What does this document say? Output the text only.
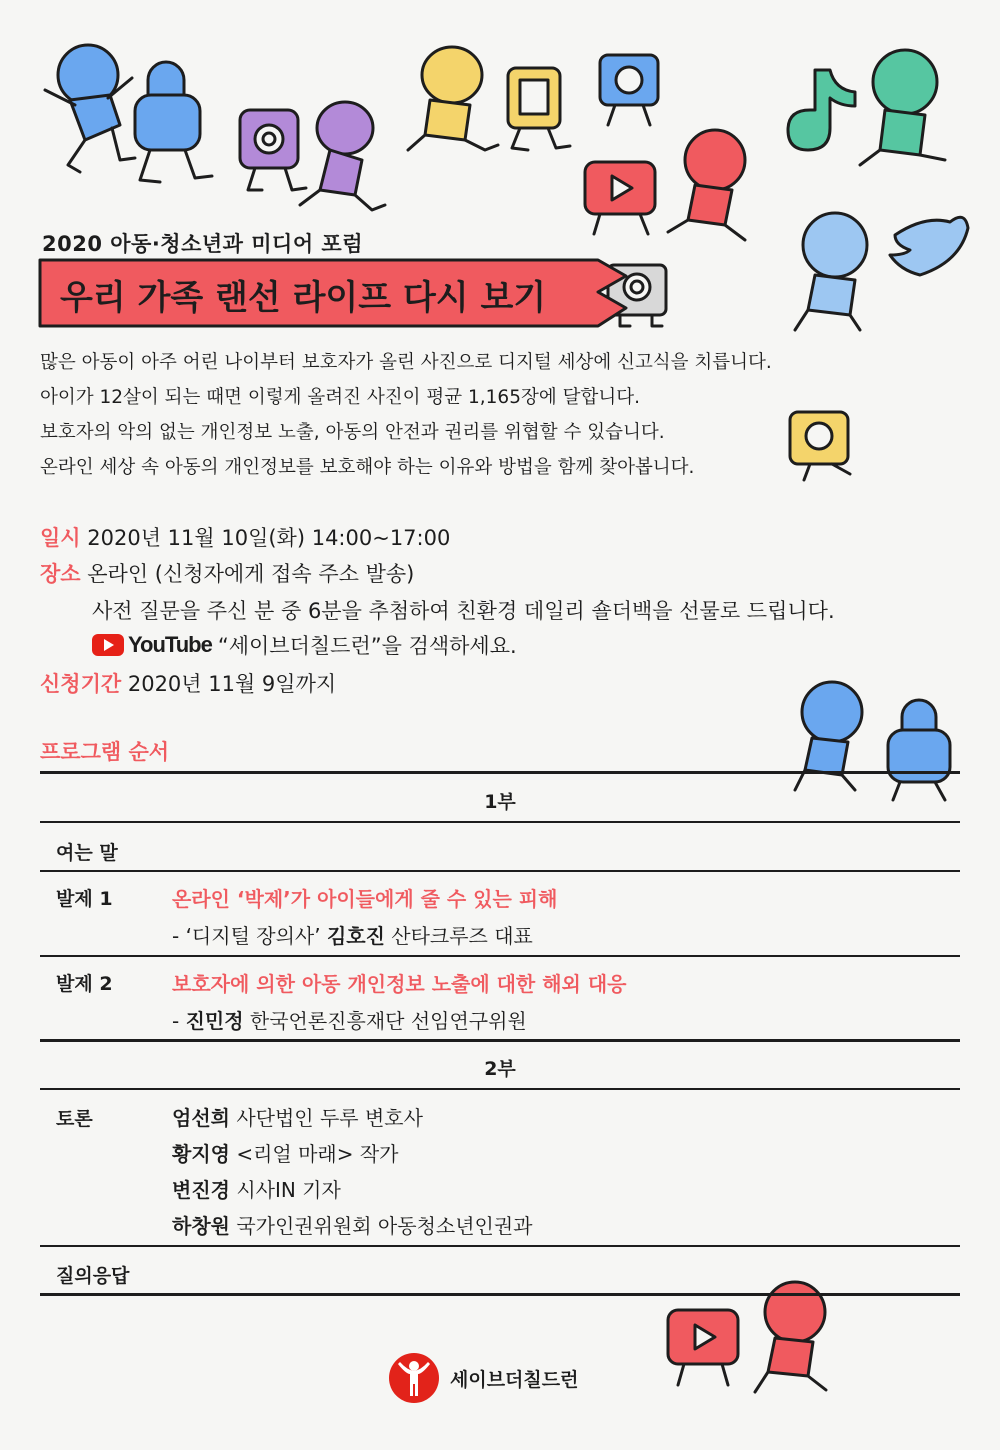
2020 아동·청소년과 미디어 포럼
우리 가족 랜선 라이프 다시 보기
많은 아동이 아주 어린 나이부터 보호자가 올린 사진으로 디지털 세상에 신고식을 치릅니다.
아이가 12살이 되는 때면 이렇게 올려진 사진이 평균 1,165장에 달합니다.
보호자의 악의 없는 개인정보 노출, 아동의 안전과 권리를 위협할 수 있습니다.
온라인 세상 속 아동의 개인정보를 보호해야 하는 이유와 방법을 함께 찾아봅니다.
일시 2020년 11월 10일(화) 14:00~17:00
장소 온라인 (신청자에게 접속 주소 발송)
사전 질문을 주신 분 중 6분을 추첨하여 친환경 데일리 숄더백을 선물로 드립니다.
YouTube “세이브더칠드런”을 검색하세요.
신청기간 2020년 11월 9일까지
프로그램 순서
1부
여는 말
발제 1	온라인 ‘박제’가 아이들에게 줄 수 있는 피해
- ‘디지털 장의사’ 김호진 산타크루즈 대표
발제 2	보호자에 의한 아동 개인정보 노출에 대한 해외 대응
- 진민정 한국언론진흥재단 선임연구위원
2부
토론	엄선희 사단법인 두루 변호사
황지영 <리얼 마래> 작가
변진경 시사IN 기자
하창원 국가인권위원회 아동청소년인권과
질의응답
세이브더칠드런
